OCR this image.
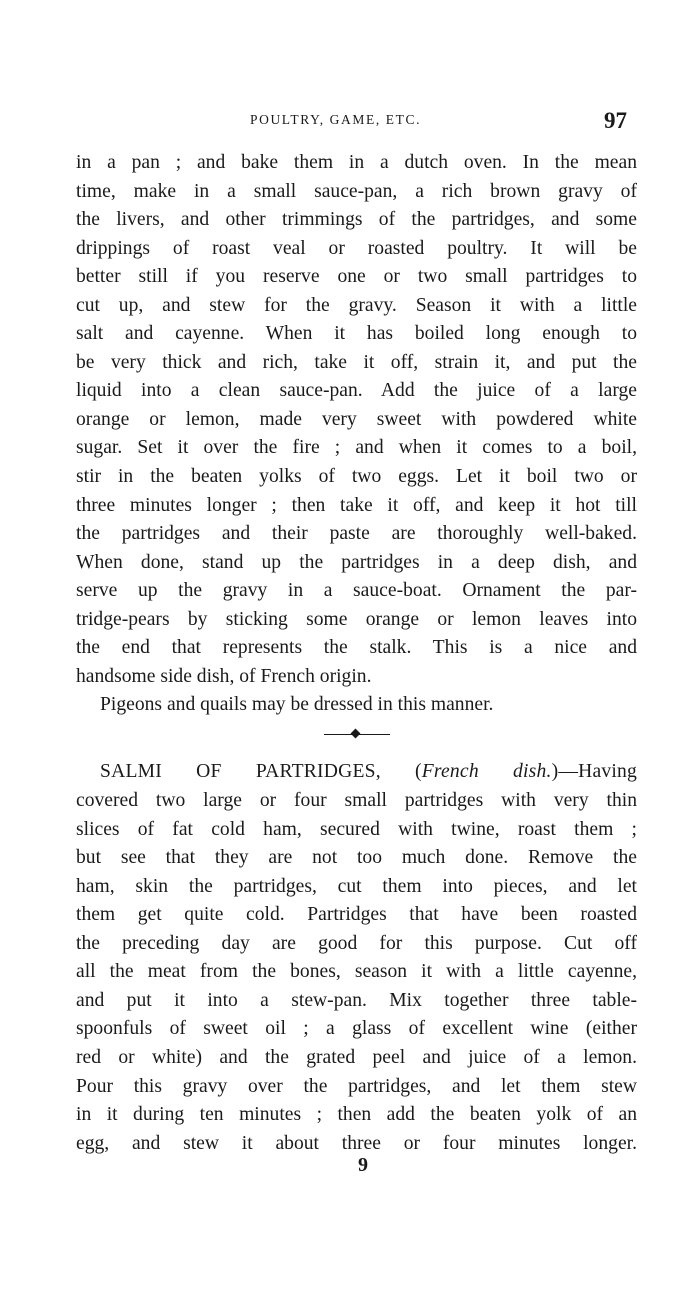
POULTRY, GAME, ETC.	97
in a pan ; and bake them in a dutch oven. In the mean
time, make in a small sauce-pan, a rich brown gravy of
the livers, and other trimmings of the partridges, and some
drippings of roast veal or roasted poultry. It will be
better still if you reserve one or two small partridges to
cut up, and stew for the gravy. Season it with a little
salt and cayenne. When it has boiled long enough to
be very thick and rich, take it off, strain it, and put the
liquid into a clean sauce-pan. Add the juice of a large
orange or lemon, made very sweet with powdered white
sugar. Set it over the fire ; and when it comes to a boil,
stir in the beaten yolks of two eggs. Let it boil two or
three minutes longer ; then take it off, and keep it hot till
the partridges and their paste are thoroughly well-baked.
When done, stand up the partridges in a deep dish, and
serve up the gravy in a sauce-boat. Ornament the par-
tridge-pears by sticking some orange or lemon leaves into
the end that represents the stalk. This is a nice and
handsome side dish, of French origin.
Pigeons and quails may be dressed in this manner.
SALMI OF PARTRIDGES, (French dish.)—Having
covered two large or four small partridges with very thin
slices of fat cold ham, secured with twine, roast them ;
but see that they are not too much done. Remove the
ham, skin the partridges, cut them into pieces, and let
them get quite cold. Partridges that have been roasted
the preceding day are good for this purpose. Cut off
all the meat from the bones, season it with a little cayenne,
and put it into a stew-pan. Mix together three table-
spoonfuls of sweet oil ; a glass of excellent wine (either
red or white) and the grated peel and juice of a lemon.
Pour this gravy over the partridges, and let them stew
in it during ten minutes ; then add the beaten yolk of an
egg, and stew it about three or four minutes longer.
9
